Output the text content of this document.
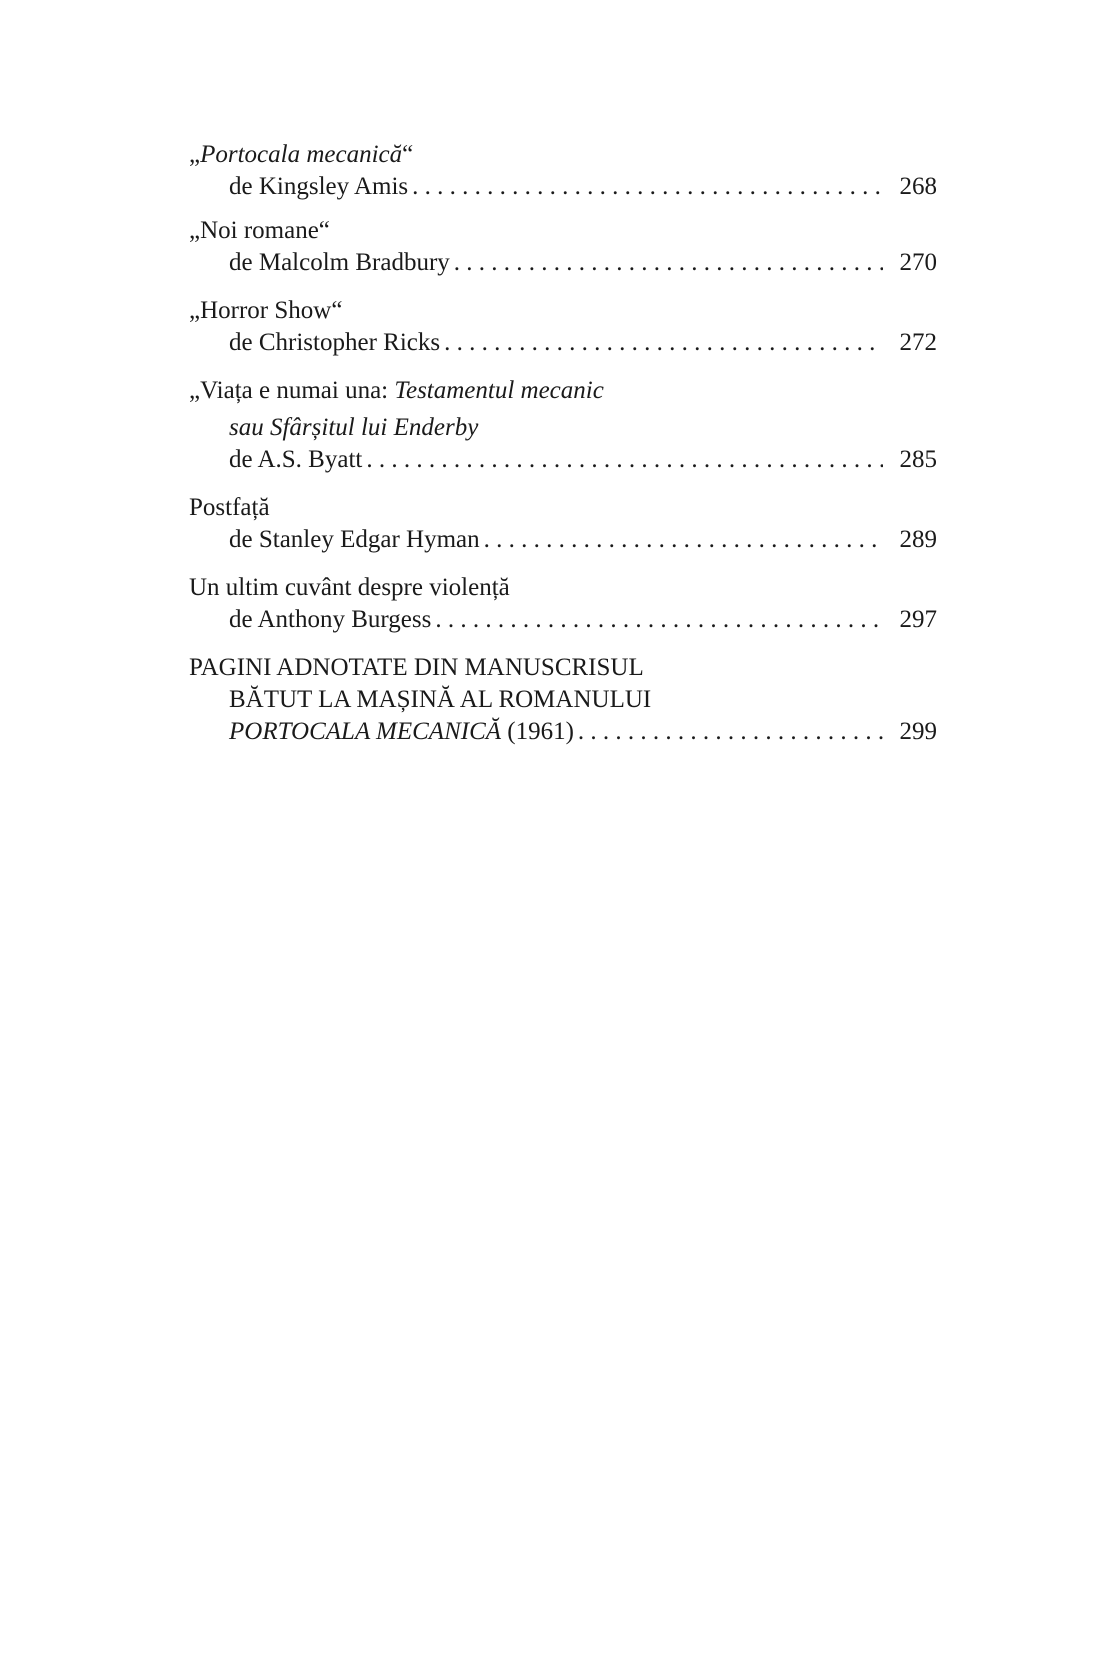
„Portocala mecanică“
de Kingsley Amis . . .	268
„Noi romane“
de Malcolm Bradbury . . .	270
„Horror Show“
de Christopher Ricks . . .	272
„Viața e numai una: Testamentul mecanic
sau Sfârșitul lui Enderby
de A.S. Byatt . . .	285
Postfață
de Stanley Edgar Hyman . . .	289
Un ultim cuvânt despre violență
de Anthony Burgess . . .	297
PAGINI ADNOTATE DIN MANUSCRISUL
BĂTUT LA MAȘINĂ AL ROMANULUI
PORTOCALA MECANICĂ (1961) . . .	299
